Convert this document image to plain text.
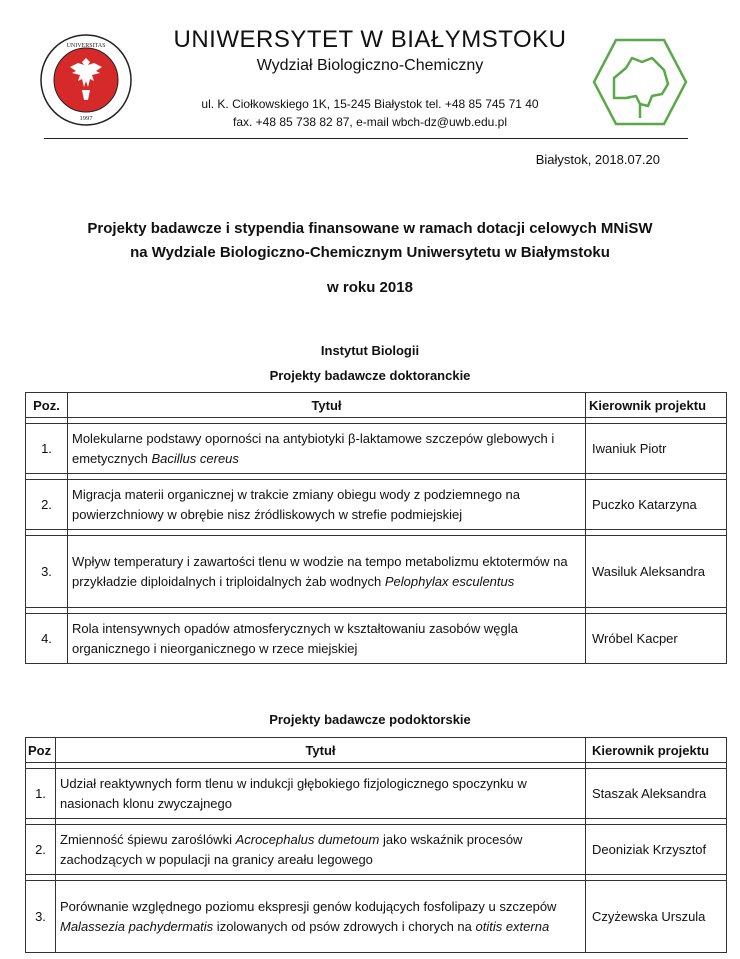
UNIVERSITAS
1997
UNIWERSYTET W BIAŁYMSTOKU
Wydział Biologiczno-Chemiczny
ul. K. Ciołkowskiego 1K, 15-245 Białystok tel. +48 85 745 71 40
fax. +48 85 738 82 87, e-mail wbch-dz@uwb.edu.pl
Białystok, 2018.07.20
Projekty badawcze i stypendia finansowane w ramach dotacji celowych MNiSW
na Wydziale Biologiczno-Chemicznym Uniwersytetu w Białymstoku
w roku 2018
Instytut Biologii
Projekty badawcze doktoranckie
Poz.	Tytuł	Kierownik projektu

1.	Molekularne podstawy oporności na antybiotyki β-laktamowe szczepów glebowych i emetycznych Bacillus cereus	Iwaniuk Piotr

2.	Migracja materii organicznej w trakcie zmiany obiegu wody z podziemnego na powierzchniowy w obrębie nisz źródliskowych w strefie podmiejskiej	Puczko Katarzyna

3.	Wpływ temperatury i zawartości tlenu w wodzie na tempo metabolizmu ektotermów na przykładzie diploidalnych i triploidalnych żab wodnych Pelophylax esculentus	Wasiluk Aleksandra

4.	Rola intensywnych opadów atmosferycznych w kształtowaniu zasobów węgla organicznego i nieorganicznego w rzece miejskiej	Wróbel Kacper
Projekty badawcze podoktorskie
Poz	Tytuł	Kierownik projektu

1.	Udział reaktywnych form tlenu w indukcji głębokiego fizjologicznego spoczynku w nasionach klonu zwyczajnego	Staszak Aleksandra

2.	Zmienność śpiewu zaroślówki Acrocephalus dumetoum jako wskaźnik procesów zachodzących w populacji na granicy areału legowego	Deoniziak Krzysztof

3.	Porównanie względnego poziomu ekspresji genów kodujących fosfolipazy u szczepów Malassezia pachydermatis izolowanych od psów zdrowych i chorych na otitis externa	Czyżewska Urszula
